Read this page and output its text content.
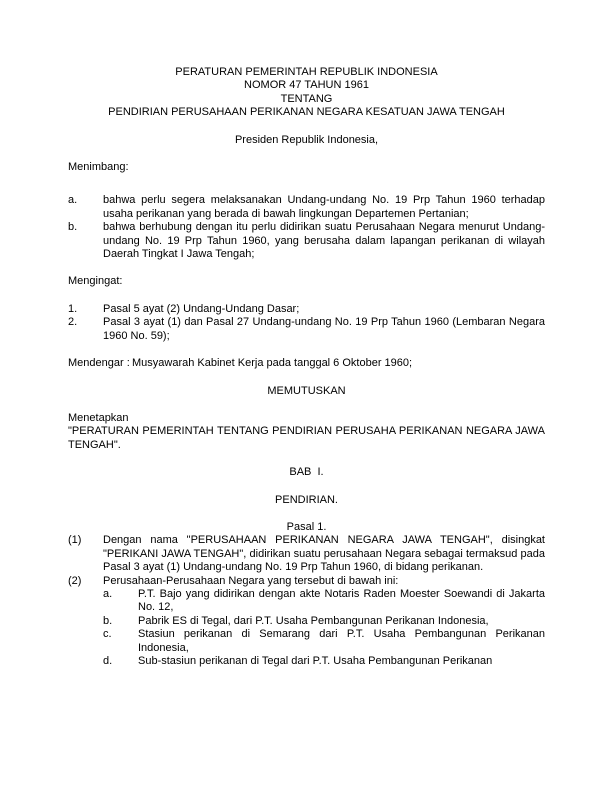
PERATURAN PEMERINTAH REPUBLIK INDONESIA
NOMOR 47 TAHUN 1961
TENTANG
PENDIRIAN PERUSAHAAN PERIKANAN NEGARA KESATUAN JAWA TENGAH
Presiden Republik Indonesia,
Menimbang:
a.	bahwa perlu segera melaksanakan Undang-undang No. 19 Prp Tahun 1960 terhadap usaha perikanan yang berada di bawah lingkungan Departemen Pertanian;
b.	bahwa berhubung dengan itu perlu didirikan suatu Perusahaan Negara menurut Undang-undang No. 19 Prp Tahun 1960, yang berusaha dalam lapangan perikanan di wilayah Daerah Tingkat I Jawa Tengah;
Mengingat:
1.	Pasal 5 ayat (2) Undang-Undang Dasar;
2.	Pasal 3 ayat (1) dan Pasal 27 Undang-undang No. 19 Prp Tahun 1960 (Lembaran Negara 1960 No. 59);
Mendengar : Musyawarah Kabinet Kerja pada tanggal 6 Oktober 1960;
MEMUTUSKAN
Menetapkan
"PERATURAN PEMERINTAH TENTANG PENDIRIAN PERUSAHA PERIKANAN NEGARA JAWA TENGAH".
BAB  I.
PENDIRIAN.
Pasal 1.
(1)	Dengan nama "PERUSAHAAN PERIKANAN NEGARA JAWA TENGAH", disingkat "PERIKANI JAWA TENGAH", didirikan suatu perusahaan Negara sebagai termaksud pada Pasal 3 ayat (1) Undang-undang No. 19 Prp Tahun 1960, di bidang perikanan.
(2)	Perusahaan-Perusahaan Negara yang tersebut di bawah ini:
a.	P.T. Bajo yang didirikan dengan akte Notaris Raden Moester Soewandi di Jakarta No. 12,
b.	Pabrik ES di Tegal, dari P.T. Usaha Pembangunan Perikanan Indonesia,
c.	Stasiun perikanan di Semarang dari P.T. Usaha Pembangunan Perikanan Indonesia,
d.	Sub-stasiun perikanan di Tegal dari P.T. Usaha Pembangunan Perikanan
